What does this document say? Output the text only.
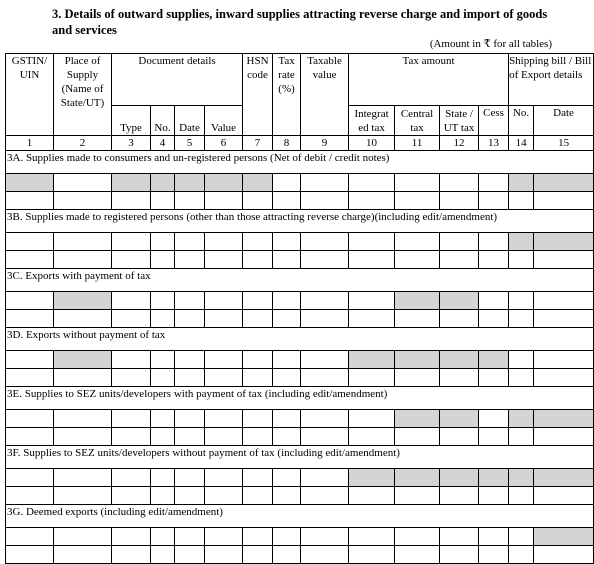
3. Details of outward supplies, inward supplies attracting reverse charge and import of goods and services
(Amount in ₹ for all tables)
GSTIN/ UIN	Place of Supply (Name of State/UT)	Document details				HSN code	Tax rate (%)	Taxable value	Tax amount				Shipping bill / Bill of Export details	
		Type	No.	Date	Value				Integrat ed tax	Central tax	State / UT tax	Cess	No.	Date
1	2	3	4	5	6	7	8	9	10	11	12	13	14	15
3A. Supplies made to consumers and un-registered persons (Net of debit / credit notes)														

3B. Supplies made to registered persons (other than those attracting reverse charge)(including edit/amendment)														

3C. Exports with payment of tax														

3D. Exports without payment of tax														

3E. Supplies to SEZ units/developers with payment of tax (including edit/amendment)														

3F. Supplies to SEZ units/developers without payment of tax (including edit/amendment)														

3G. Deemed exports (including edit/amendment)														
